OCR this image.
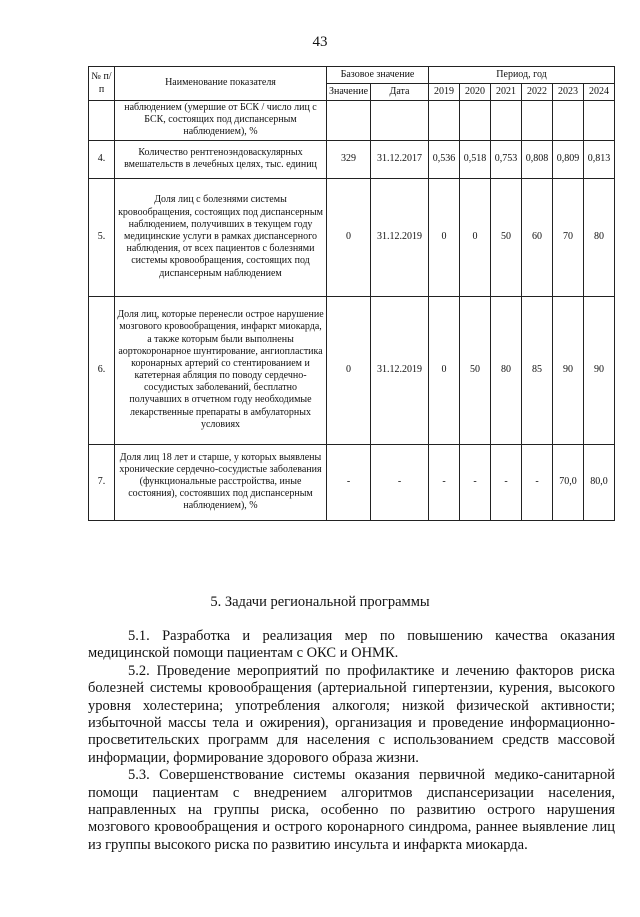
43
№ п/п	Наименование показателя	Базовое значение		Период, год					
				2019	2020	2021	2022	2023	2024
		Значение	Дата						
	наблюдением (умершие от БСК / число лиц с БСК, состоящих под диспансерным наблюдением), %								
4.	Количество рентгеноэндоваскулярных вмешательств в лечебных целях, тыс. единиц	329	31.12.2017	0,536	0,518	0,753	0,808	0,809	0,813
5.	Доля лиц с болезнями системы кровообращения, состоящих под диспансерным наблюдением, получивших в текущем году медицинские услуги в рамках диспансерного наблюдения, от всех пациентов с болезнями системы кровообращения, состоящих под диспансерным наблюдением	0	31.12.2019	0	0	50	60	70	80
6.	Доля лиц, которые перенесли острое нарушение мозгового кровообращения, инфаркт миокарда, а также которым были выполнены аортокоронарное шунтирование, ангиопластика коронарных артерий со стентированием и катетерная абляция по поводу сердечно-сосудистых заболеваний, бесплатно получавших в отчетном году необходимые лекарственные препараты в амбулаторных условиях	0	31.12.2019	0	50	80	85	90	90
7.	Доля лиц 18 лет и старше, у которых выявлены хронические сердечно-сосудистые заболевания (функциональные расстройства, иные состояния), состоявших под диспансерным наблюдением), %	-	-	-	-	-	-	70,0	80,0
5. Задачи региональной программы

5.1. Разработка и реализация мер по повышению качества оказания медицинской помощи пациентам с ОКС и ОНМК.

5.2. Проведение мероприятий по профилактике и лечению факторов риска болезней системы кровообращения (артериальной гипертензии, курения, высокого уровня холестерина; употребления алкоголя; низкой физической активности; избыточной массы тела и ожирения), организация и проведение информационно-просветительских программ для населения с использованием средств массовой информации, формирование здорового образа жизни.

5.3. Совершенствование системы оказания первичной медико-санитарной помощи пациентам с внедрением алгоритмов диспансеризации населения, направленных на группы риска, особенно по развитию острого нарушения мозгового кровообращения и острого коронарного синдрома, раннее выявление лиц из группы высокого риска по развитию инсульта и инфаркта миокарда.
